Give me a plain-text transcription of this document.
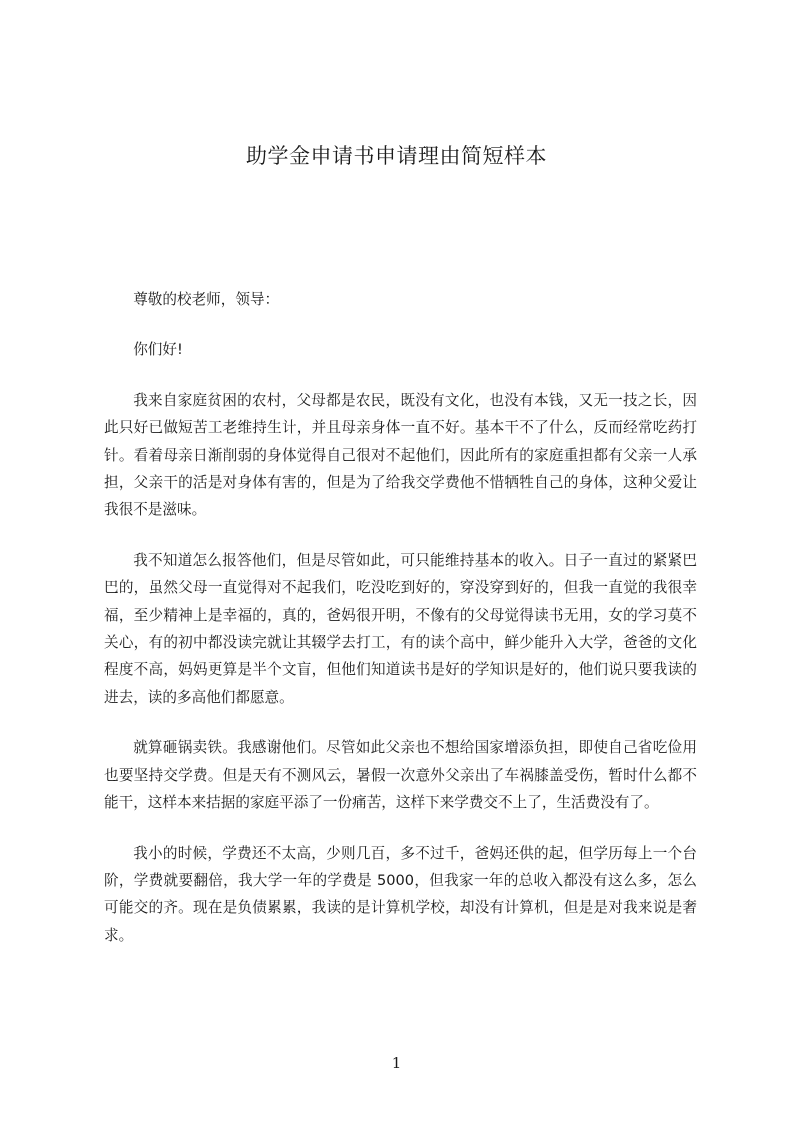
助学金申请书申请理由简短样本

尊敬的校老师，领导：

你们好!

我来自家庭贫困的农村，父母都是农民，既没有文化，也没有本钱，又无一技之长，因此只好已做短苦工老维持生计，并且母亲身体一直不好。基本干不了什么，反而经常吃药打针。看着母亲日渐削弱的身体觉得自己很对不起他们，因此所有的家庭重担都有父亲一人承担，父亲干的活是对身体有害的，但是为了给我交学费他不惜牺牲自己的身体，这种父爱让我很不是滋味。

我不知道怎么报答他们，但是尽管如此，可只能维持基本的收入。日子一直过的紧紧巴巴的，虽然父母一直觉得对不起我们，吃没吃到好的，穿没穿到好的，但我一直觉的我很幸福，至少精神上是幸福的，真的，爸妈很开明，不像有的父母觉得读书无用，女的学习莫不关心，有的初中都没读完就让其辍学去打工，有的读个高中，鲜少能升入大学，爸爸的文化程度不高，妈妈更算是半个文盲，但他们知道读书是好的学知识是好的，他们说只要我读的进去，读的多高他们都愿意。

就算砸锅卖铁。我感谢他们。尽管如此父亲也不想给国家增添负担，即使自己省吃俭用也要坚持交学费。但是天有不测风云，暑假一次意外父亲出了车祸膝盖受伤，暂时什么都不能干，这样本来拮据的家庭平添了一份痛苦，这样下来学费交不上了，生活费没有了。

我小的时候，学费还不太高，少则几百，多不过千，爸妈还供的起，但学历每上一个台阶，学费就要翻倍，我大学一年的学费是 5000，但我家一年的总收入都没有这么多，怎么可能交的齐。现在是负债累累，我读的是计算机学校，却没有计算机，但是是对我来说是奢求。

1
